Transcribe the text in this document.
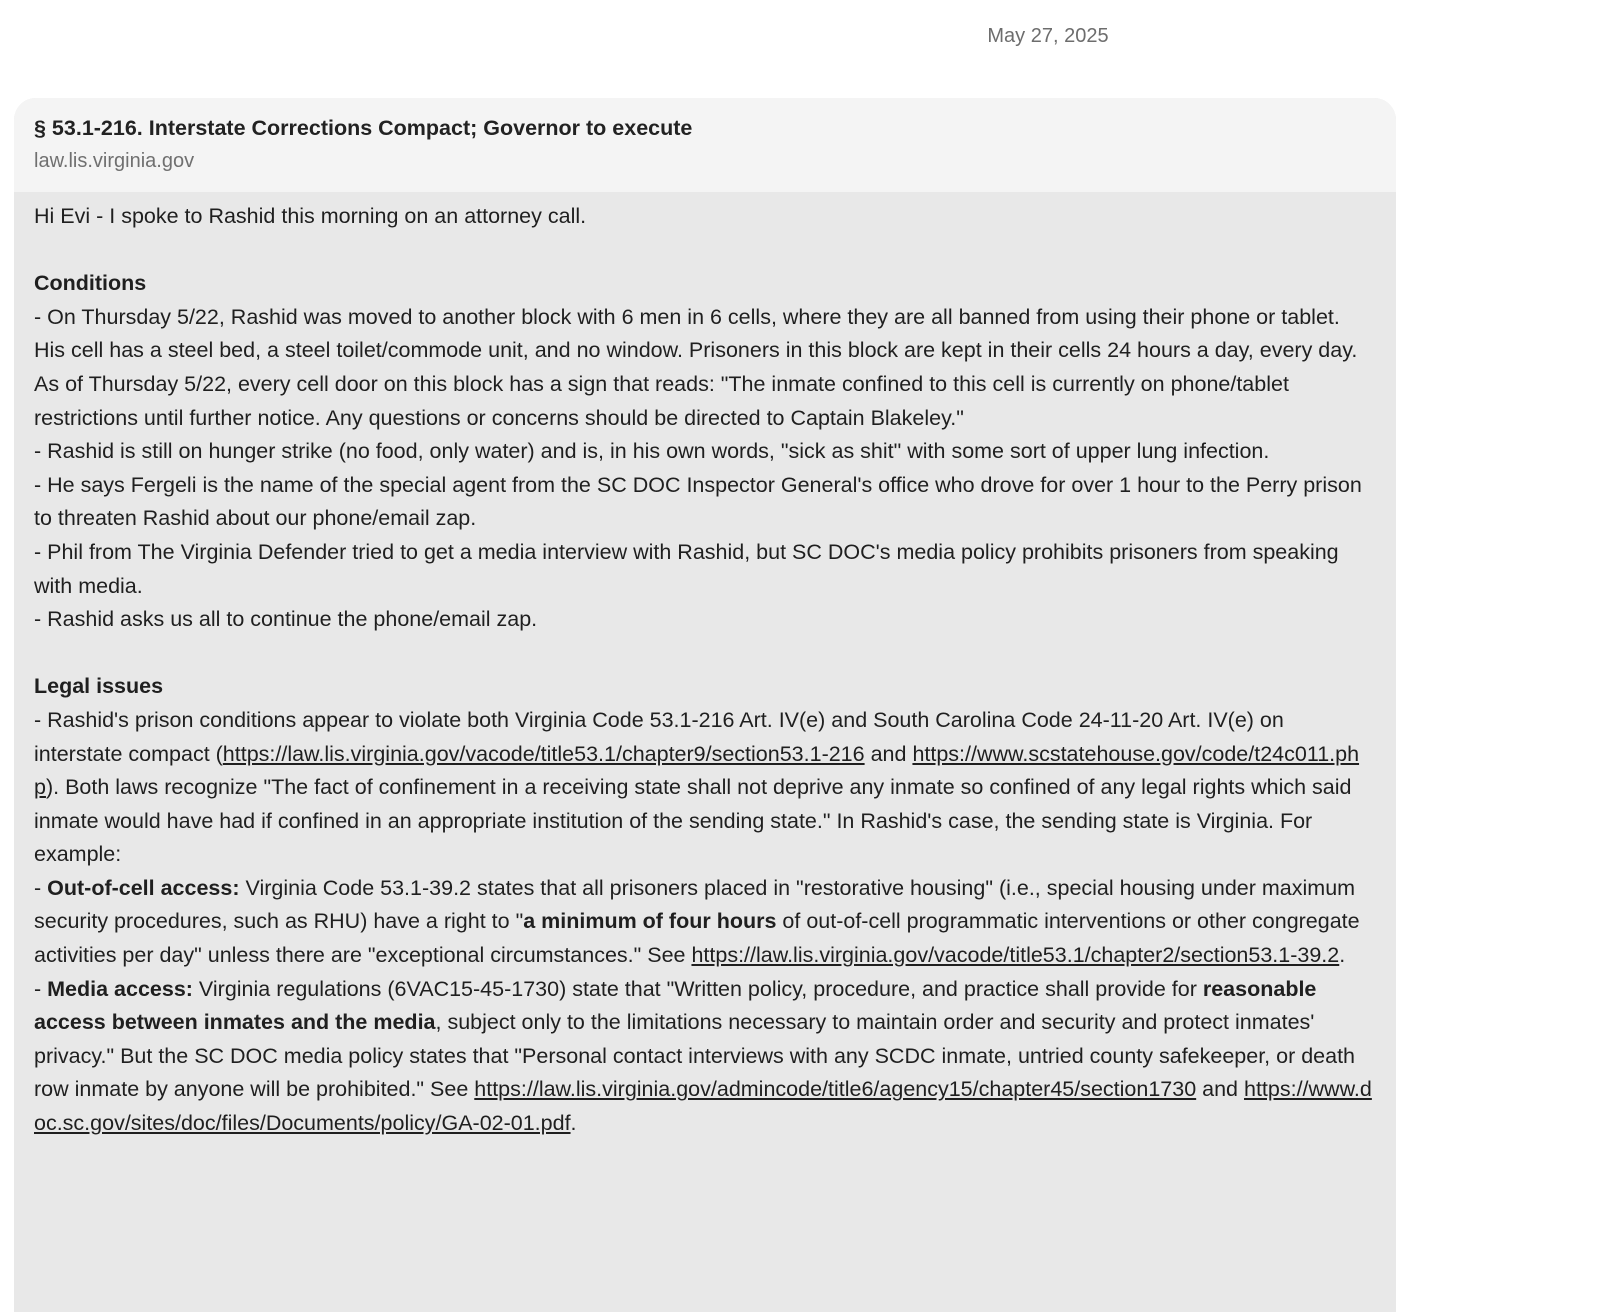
May 27, 2025
§ 53.1-216. Interstate Corrections Compact; Governor to execute
law.lis.virginia.gov

Hi Evi - I spoke to Rashid this morning on an attorney call.

Conditions

- On Thursday 5/22, Rashid was moved to another block with 6 men in 6 cells, where they are all banned from using their phone or tablet. His cell has a steel bed, a steel toilet/commode unit, and no window. Prisoners in this block are kept in their cells 24 hours a day, every day. As of Thursday 5/22, every cell door on this block has a sign that reads: "The inmate confined to this cell is currently on phone/tablet restrictions until further notice. Any questions or concerns should be directed to Captain Blakeley."

- Rashid is still on hunger strike (no food, only water) and is, in his own words, "sick as shit" with some sort of upper lung infection.

- He says Fergeli is the name of the special agent from the SC DOC Inspector General's office who drove for over 1 hour to the Perry prison to threaten Rashid about our phone/email zap.

- Phil from The Virginia Defender tried to get a media interview with Rashid, but SC DOC's media policy prohibits prisoners from speaking with media.

- Rashid asks us all to continue the phone/email zap.

Legal issues

- Rashid's prison conditions appear to violate both Virginia Code 53.1-216 Art. IV(e) and South Carolina Code 24-11-20 Art. IV(e) on interstate compact (https://law.lis.virginia.gov/vacode/title53.1/chapter9/section53.1-216 and https://www.scstatehouse.gov/code/t24c011.php). Both laws recognize "The fact of confinement in a receiving state shall not deprive any inmate so confined of any legal rights which said inmate would have had if confined in an appropriate institution of the sending state." In Rashid's case, the sending state is Virginia. For example:

- Out-of-cell access: Virginia Code 53.1-39.2 states that all prisoners placed in "restorative housing" (i.e., special housing under maximum security procedures, such as RHU) have a right to "a minimum of four hours of out-of-cell programmatic interventions or other congregate activities per day" unless there are "exceptional circumstances." See https://law.lis.virginia.gov/vacode/title53.1/chapter2/section53.1-39.2.

- Media access: Virginia regulations (6VAC15-45-1730) state that "Written policy, procedure, and practice shall provide for reasonable access between inmates and the media, subject only to the limitations necessary to maintain order and security and protect inmates' privacy." But the SC DOC media policy states that "Personal contact interviews with any SCDC inmate, untried county safekeeper, or death row inmate by anyone will be prohibited." See https://law.lis.virginia.gov/admincode/title6/agency15/chapter45/section1730 and https://www.doc.sc.gov/sites/doc/files/Documents/policy/GA-02-01.pdf.
